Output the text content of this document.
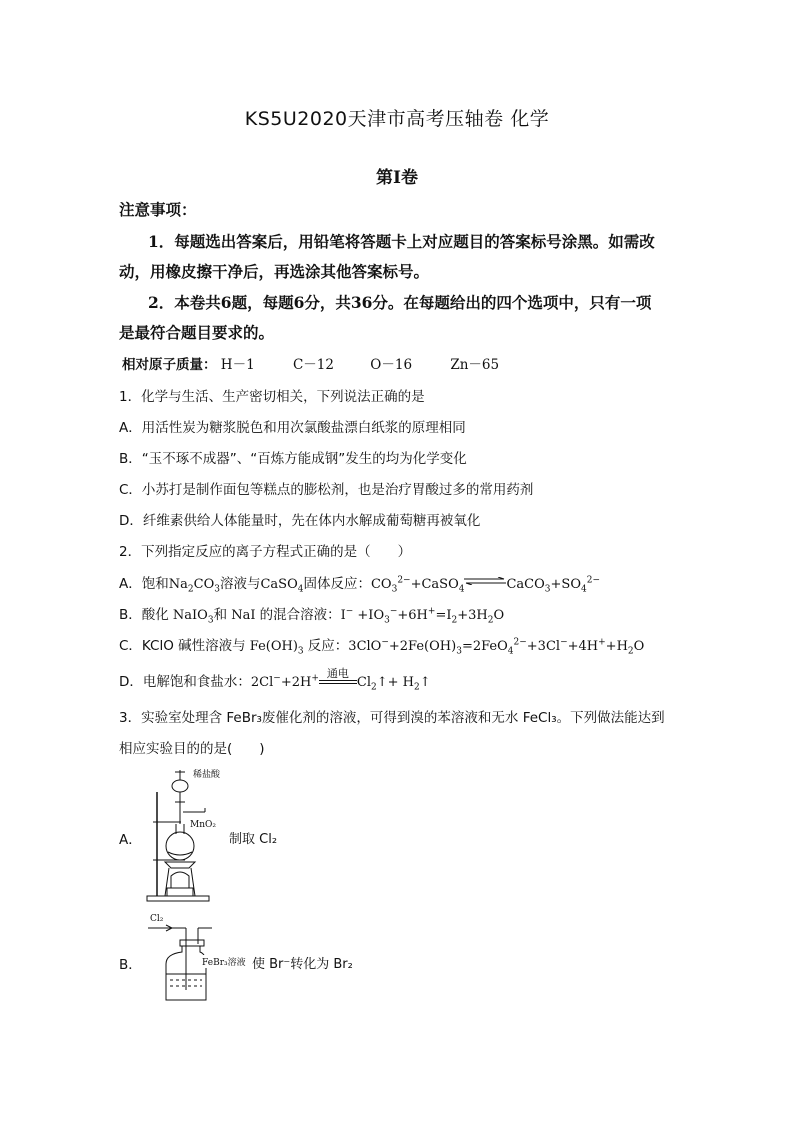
KS5U2020天津市高考压轴卷 化学
第I卷
注意事项：
1．每题选出答案后，用铅笔将答题卡上对应题目的答案标号涂黑。如需改
动，用橡皮擦干净后，再选涂其他答案标号。
2．本卷共6题，每题6分，共36分。在每题给出的四个选项中，只有一项
是最符合题目要求的。
相对原子质量： H－1	C－12	O－16	Zn－65
1．化学与生活、生产密切相关，下列说法正确的是
A．用活性炭为糖浆脱色和用次氯酸盐漂白纸浆的原理相同
B．“玉不琢不成器”、“百炼方能成钢”发生的均为化学变化
C．小苏打是制作面包等糕点的膨松剂，也是治疗胃酸过多的常用药剂
D．纤维素供给人体能量时，先在体内水解成葡萄糖再被氧化
2．下列指定反应的离子方程式正确的是（　　）
A．饱和$Na_2CO_3$溶液与CaSO$_4$固体反应：$CO_3^{2-}+CaSO_4$ $\rightleftharpoons CaCO_3+SO_4^{2-}$
B．酸化 NaIO$_3$和 NaI 的混合溶液：$I^- +IO_3^-+6H^+=I_2+3H_2O$
C．KClO 碱性溶液与 $Fe(OH)_3$ 反应：$3ClO^-+2Fe(OH)_3=2FeO_4^{2-}+3Cl^-+4H^++H_2O$
D．电解饱和食盐水：2Cl−+2H+ 通电
$Cl_2↑+$ $H_2↑$
3．实验室处理含 FeBr₃废催化剂的溶液，可得到溴的苯溶液和无水 FeCl₃。下列做法能达到
相应实验目的的是(　　)
A．
稀盐酸
MnO₂
制取 Cl₂
B．
Cl₂
FeBr₃溶液 使 Br⁻转化为 Br₂
